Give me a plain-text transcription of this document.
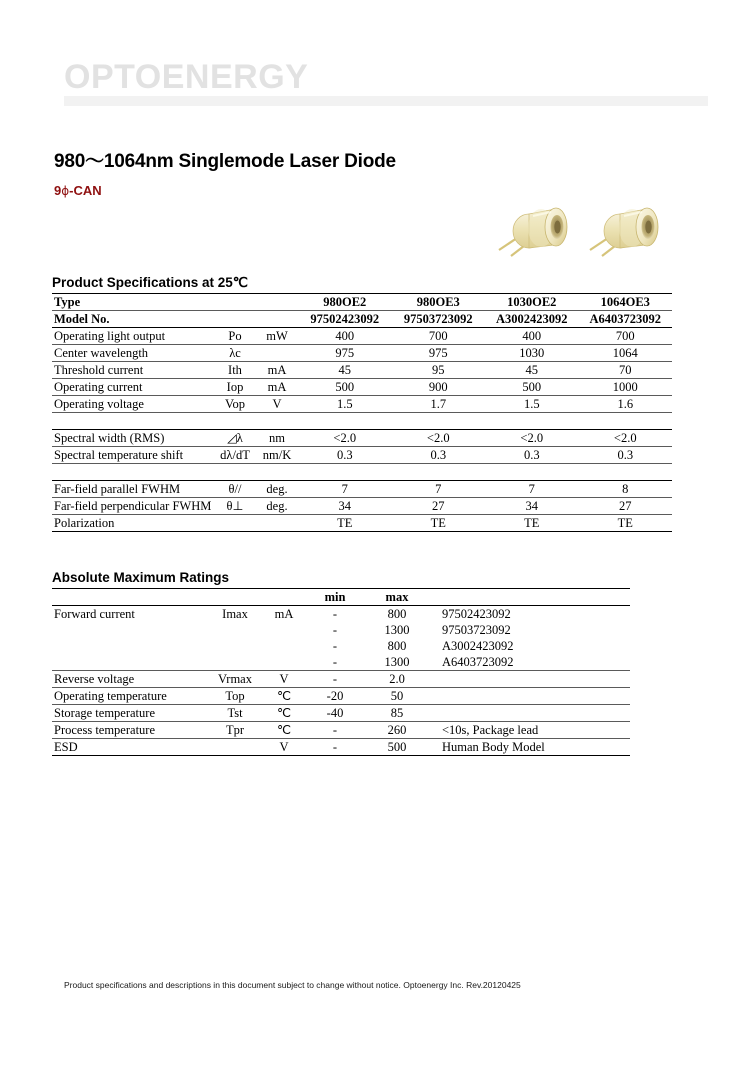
OPTOENERGY
980～1064nm Singlemode Laser Diode
9ϕ-CAN
Product Specifications at 25℃
Type			980OE2	980OE3	1030OE2	1064OE3
Model No.			97502423092	97503723092	A3002423092	A6403723092
Operating light output	Po	mW	400	700	400	700
Center wavelength	λc		975	975	1030	1064
Threshold current	Ith	mA	45	95	45	70
Operating current	Iop	mA	500	900	500	1000
Operating voltage	Vop	V	1.5	1.7	1.5	1.6

Spectral width (RMS)	◿λ	nm	<2.0	<2.0	<2.0	<2.0
Spectral temperature shift	dλ/dT	nm/K	0.3	0.3	0.3	0.3

Far-field parallel FWHM	θ//	deg.	7	7	7	8

Far-field perpendicular FWHM	θ⊥	deg.	34	27	34	27
Polarization			TE	TE	TE	TE
Absolute Maximum Ratings
			min	max	
Forward current	Imax	mA	-	800	97502423092
			-	1300	97503723092
			-	800	A3002423092
			-	1300	A6403723092
Reverse voltage	Vrmax	V	-	2.0	
Operating temperature	Top	℃	-20	50	
Storage temperature	Tst	℃	-40	85	
Process temperature	Tpr	℃	-	260	<10s, Package lead
ESD		V	-	500	Human Body Model
Product specifications and descriptions in this document subject to change without notice. Optoenergy Inc. Rev.20120425
